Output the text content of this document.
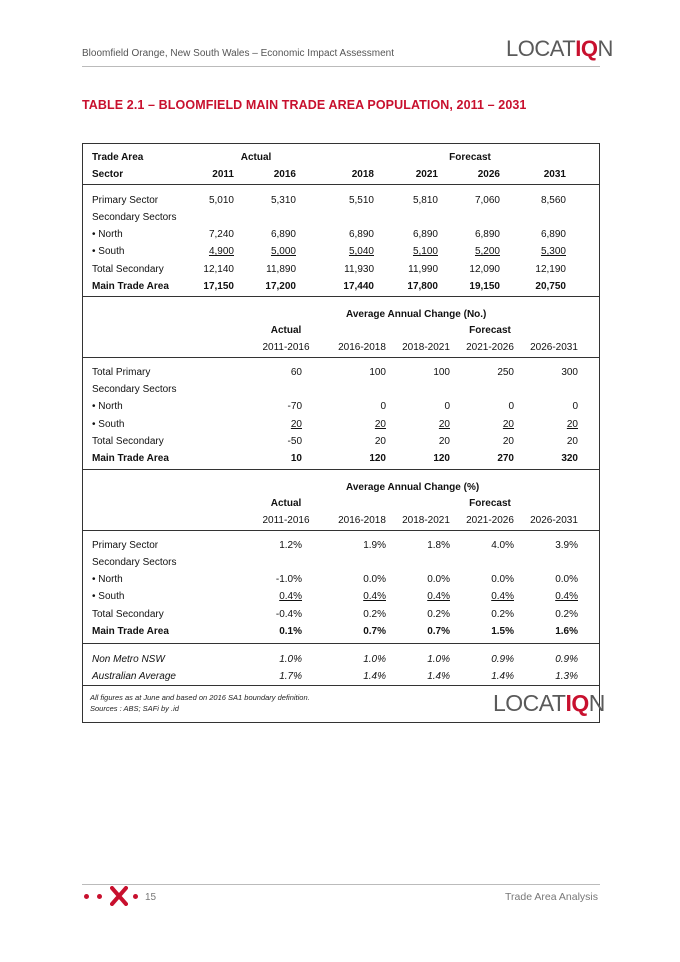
Bloomfield Orange, New South Wales – Economic Impact Assessment	LOCATIQN
TABLE 2.1 – BLOOMFIELD MAIN TRADE AREA POPULATION, 2011 – 2031
Trade Area
Sector
Actual	Forecast
2011	2016	2018	2021	2026	2031
Primary Sector	5,010	5,310	5,510	5,810	7,060	8,560
Secondary Sectors
• North	7,240	6,890	6,890	6,890	6,890	6,890
• South	4,900	5,000	5,040	5,100	5,200	5,300
Total Secondary	12,140	11,890	11,930	11,990	12,090	12,190
Main Trade Area	17,150	17,200	17,440	17,800	19,150	20,750
Average Annual Change (No.)
Actual	Forecast
2011-2016	2016-2018	2018-2021	2021-2026	2026-2031
Total Primary	60	100	100	250	300
Secondary Sectors
• North	-70	0	0	0	0
• South	20	20	20	20	20
Total Secondary	-50	20	20	20	20
Main Trade Area	10	120	120	270	320
Average Annual Change (%)
Actual	Forecast
2011-2016	2016-2018	2018-2021	2021-2026	2026-2031
Primary Sector	1.2%	1.9%	1.8%	4.0%	3.9%
Secondary Sectors
• North	-1.0%	0.0%	0.0%	0.0%	0.0%
• South	0.4%	0.4%	0.4%	0.4%	0.4%
Total Secondary	-0.4%	0.2%	0.2%	0.2%	0.2%
Main Trade Area	0.1%	0.7%	0.7%	1.5%	1.6%
Non Metro NSW	1.0%	1.0%	1.0%	0.9%	0.9%
Australian Average	1.7%	1.4%	1.4%	1.4%	1.3%
All figures as at June and based on 2016 SA1 boundary definition.
Sources : ABS; SAFi by .id	LOCATIQN
15	Trade Area Analysis
